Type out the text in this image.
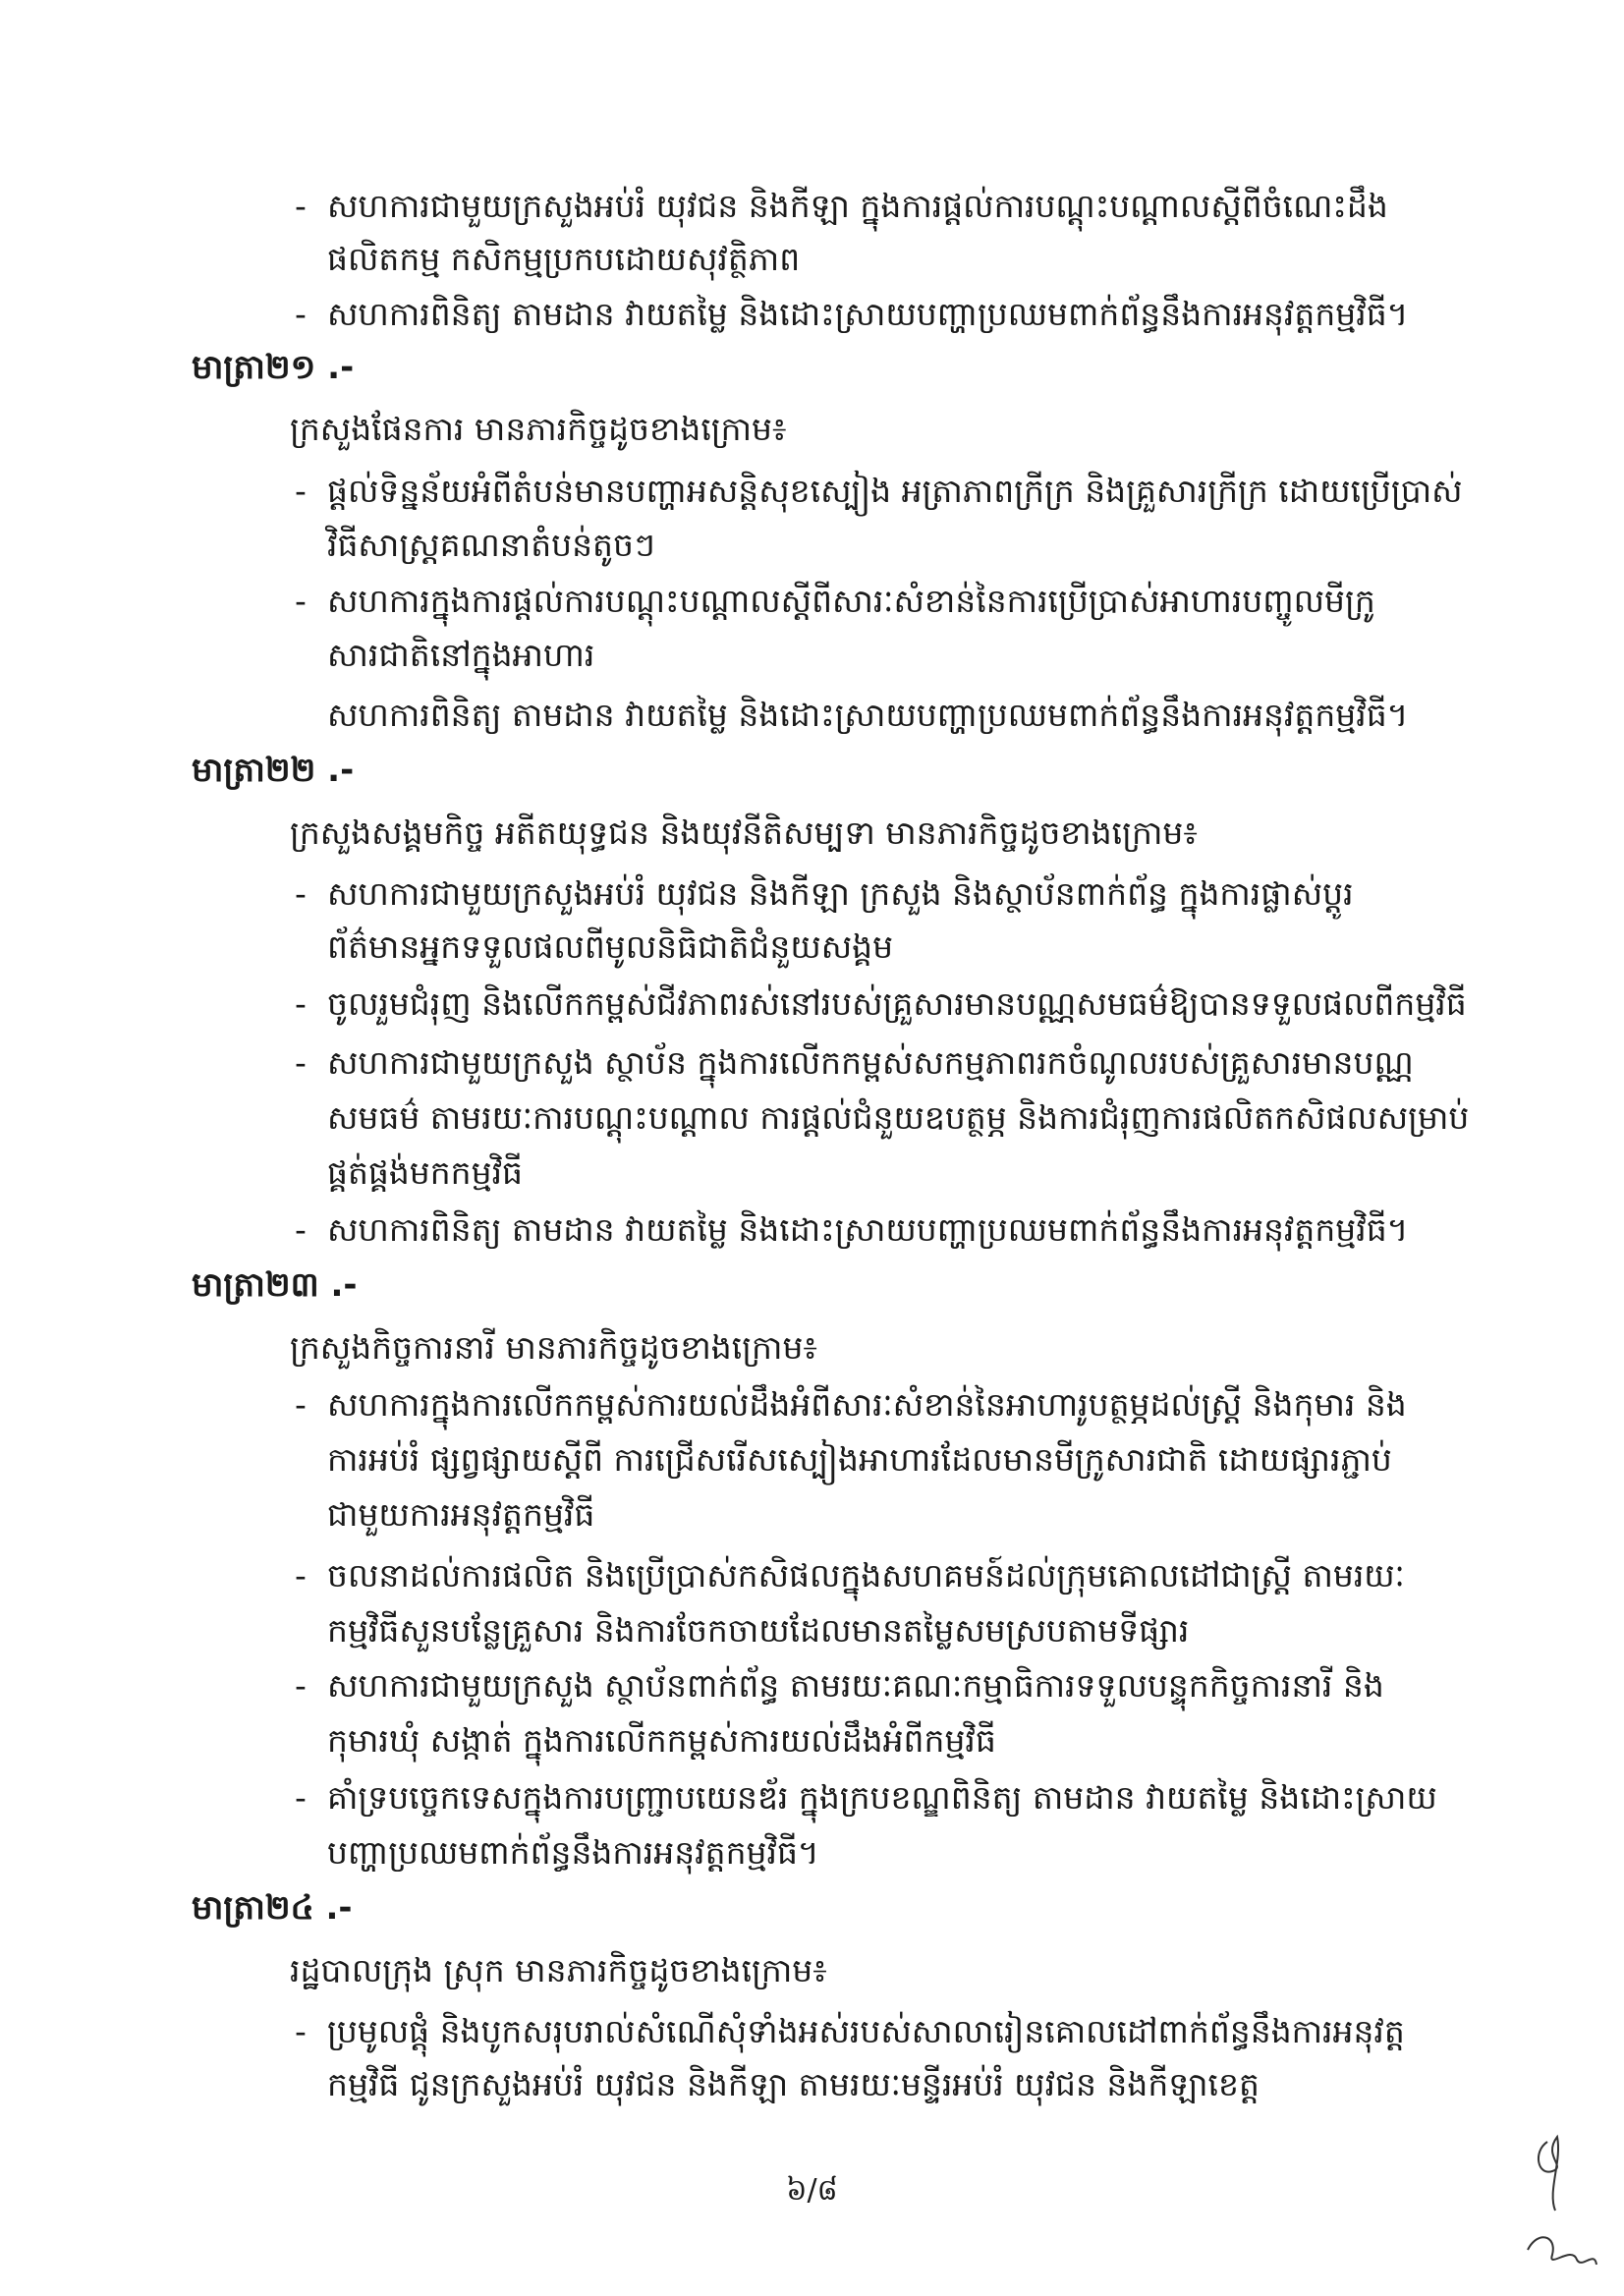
-
-
-
-
-
-
-
-
-
-
-
-
-
សហការជាមួយក្រសួងអប់រំ យុវជន និងកីឡា ក្នុងការផ្ដល់ការបណ្ដុះបណ្ដាលស្ដីពីចំណេះដឹង
ផលិតកម្ម កសិកម្មប្រកបដោយសុវត្ថិភាព
សហការពិនិត្យ តាមដាន វាយតម្លៃ និងដោះស្រាយបញ្ហាប្រឈមពាក់ព័ន្ធនឹងការអនុវត្តកម្មវិធី។
មាត្រា២១ .-
ក្រសួងផែនការ មានភារកិច្ចដូចខាងក្រោម៖
ផ្ដល់ទិន្នន័យអំពីតំបន់មានបញ្ហាអសន្តិសុខស្បៀង អត្រាភាពក្រីក្រ និងគ្រួសារក្រីក្រ ដោយប្រើប្រាស់
វិធីសាស្ត្រគណនាតំបន់តូចៗ
សហការក្នុងការផ្ដល់ការបណ្ដុះបណ្ដាលស្ដីពីសារៈសំខាន់នៃការប្រើប្រាស់អាហារបញ្ចូលមីក្រូ
សារជាតិនៅក្នុងអាហារ
សហការពិនិត្យ តាមដាន វាយតម្លៃ និងដោះស្រាយបញ្ហាប្រឈមពាក់ព័ន្ធនឹងការអនុវត្តកម្មវិធី។
មាត្រា២២ .-
ក្រសួងសង្គមកិច្ច អតីតយុទ្ធជន និងយុវនីតិសម្បទា មានភារកិច្ចដូចខាងក្រោម៖
សហការជាមួយក្រសួងអប់រំ យុវជន និងកីឡា ក្រសួង និងស្ថាប័នពាក់ព័ន្ធ ក្នុងការផ្លាស់ប្ដូរ
ព័ត៌មានអ្នកទទួលផលពីមូលនិធិជាតិជំនួយសង្គម
ចូលរួមជំរុញ និងលើកកម្ពស់ជីវភាពរស់នៅរបស់គ្រួសារមានបណ្ណសមធម៌ឱ្យបានទទួលផលពីកម្មវិធី
សហការជាមួយក្រសួង ស្ថាប័ន ក្នុងការលើកកម្ពស់សកម្មភាពរកចំណូលរបស់គ្រួសារមានបណ្ណ
សមធម៌ តាមរយៈការបណ្ដុះបណ្ដាល ការផ្ដល់ជំនួយឧបត្ថម្ភ និងការជំរុញការផលិតកសិផលសម្រាប់
ផ្គត់ផ្គង់មកកម្មវិធី
សហការពិនិត្យ តាមដាន វាយតម្លៃ និងដោះស្រាយបញ្ហាប្រឈមពាក់ព័ន្ធនឹងការអនុវត្តកម្មវិធី។
មាត្រា២៣ .-
ក្រសួងកិច្ចការនារី មានភារកិច្ចដូចខាងក្រោម៖
សហការក្នុងការលើកកម្ពស់ការយល់ដឹងអំពីសារៈសំខាន់នៃអាហារូបត្ថម្ភដល់ស្ត្រី និងកុមារ និង
ការអប់រំ ផ្សព្វផ្សាយស្ដីពី ការជ្រើសរើសស្បៀងអាហារដែលមានមីក្រូសារជាតិ ដោយផ្សារភ្ជាប់
ជាមួយការអនុវត្តកម្មវិធី
ចលនាដល់ការផលិត និងប្រើប្រាស់កសិផលក្នុងសហគមន៍ដល់ក្រុមគោលដៅជាស្ត្រី តាមរយៈ
កម្មវិធីសួនបន្លែគ្រួសារ និងការចែកចាយដែលមានតម្លៃសមស្របតាមទីផ្សារ
សហការជាមួយក្រសួង ស្ថាប័នពាក់ព័ន្ធ តាមរយៈគណៈកម្មាធិការទទួលបន្ទុកកិច្ចការនារី និង
កុមារឃុំ សង្កាត់ ក្នុងការលើកកម្ពស់ការយល់ដឹងអំពីកម្មវិធី
គាំទ្របច្ចេកទេសក្នុងការបញ្ជ្រាបយេនឌ័រ ក្នុងក្របខណ្ឌពិនិត្យ តាមដាន វាយតម្លៃ និងដោះស្រាយ
បញ្ហាប្រឈមពាក់ព័ន្ធនឹងការអនុវត្តកម្មវិធី។
មាត្រា២៤ .-
រដ្ឋបាលក្រុង ស្រុក មានភារកិច្ចដូចខាងក្រោម៖
ប្រមូលផ្ដុំ និងបូកសរុបរាល់សំណើសុំទាំងអស់របស់សាលារៀនគោលដៅពាក់ព័ន្ធនឹងការអនុវត្ត
កម្មវិធី ជូនក្រសួងអប់រំ យុវជន និងកីឡា តាមរយៈមន្ទីរអប់រំ យុវជន និងកីឡាខេត្ត
៦/៨
